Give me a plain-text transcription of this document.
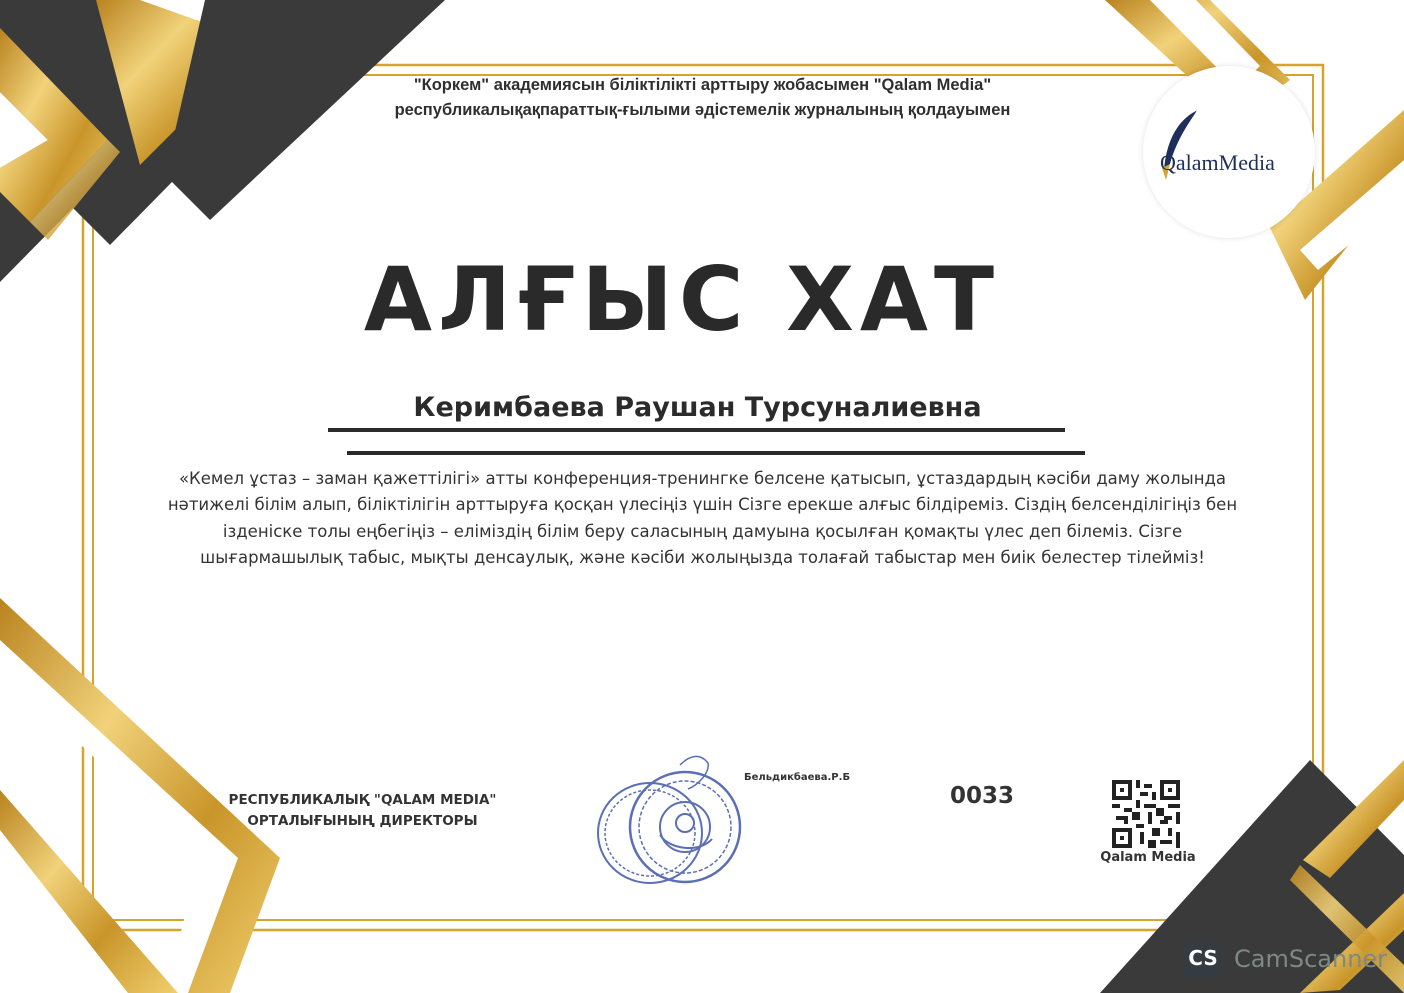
"Коркем" академиясын біліктілікті арттыру жобасымен "Qalam Media"
республикалықақпараттық-ғылыми әдістемелік журналының қолдауымен
QalamMedia
АЛҒЫС ХАТ
Керимбаева Раушан Турсуналиевна
«Кемел ұстаз – заман қажеттілігі» атты конференция-тренингке белсене қатысып, ұстаздардың кәсіби даму жолында нәтижелі білім алып, біліктілігін арттыруға қосқан үлесіңіз үшін Сізге ерекше алғыс білдіреміз. Сіздің белсенділігіңіз бен ізденіске толы еңбегіңіз – еліміздің білім беру саласының дамуына қосылған қомақты үлес деп білеміз. Сізге шығармашылық табыс, мықты денсаулық, және кәсіби жолыңызда толағай табыстар мен биік белестер тілейміз!
РЕСПУБЛИКАЛЫҚ "QALAM MEDIA"
ОРТАЛЫҒЫНЫҢ ДИРЕКТОРЫ
Бельдикбаева.Р.Б
0033
Qalam Media
CS CamScanner
